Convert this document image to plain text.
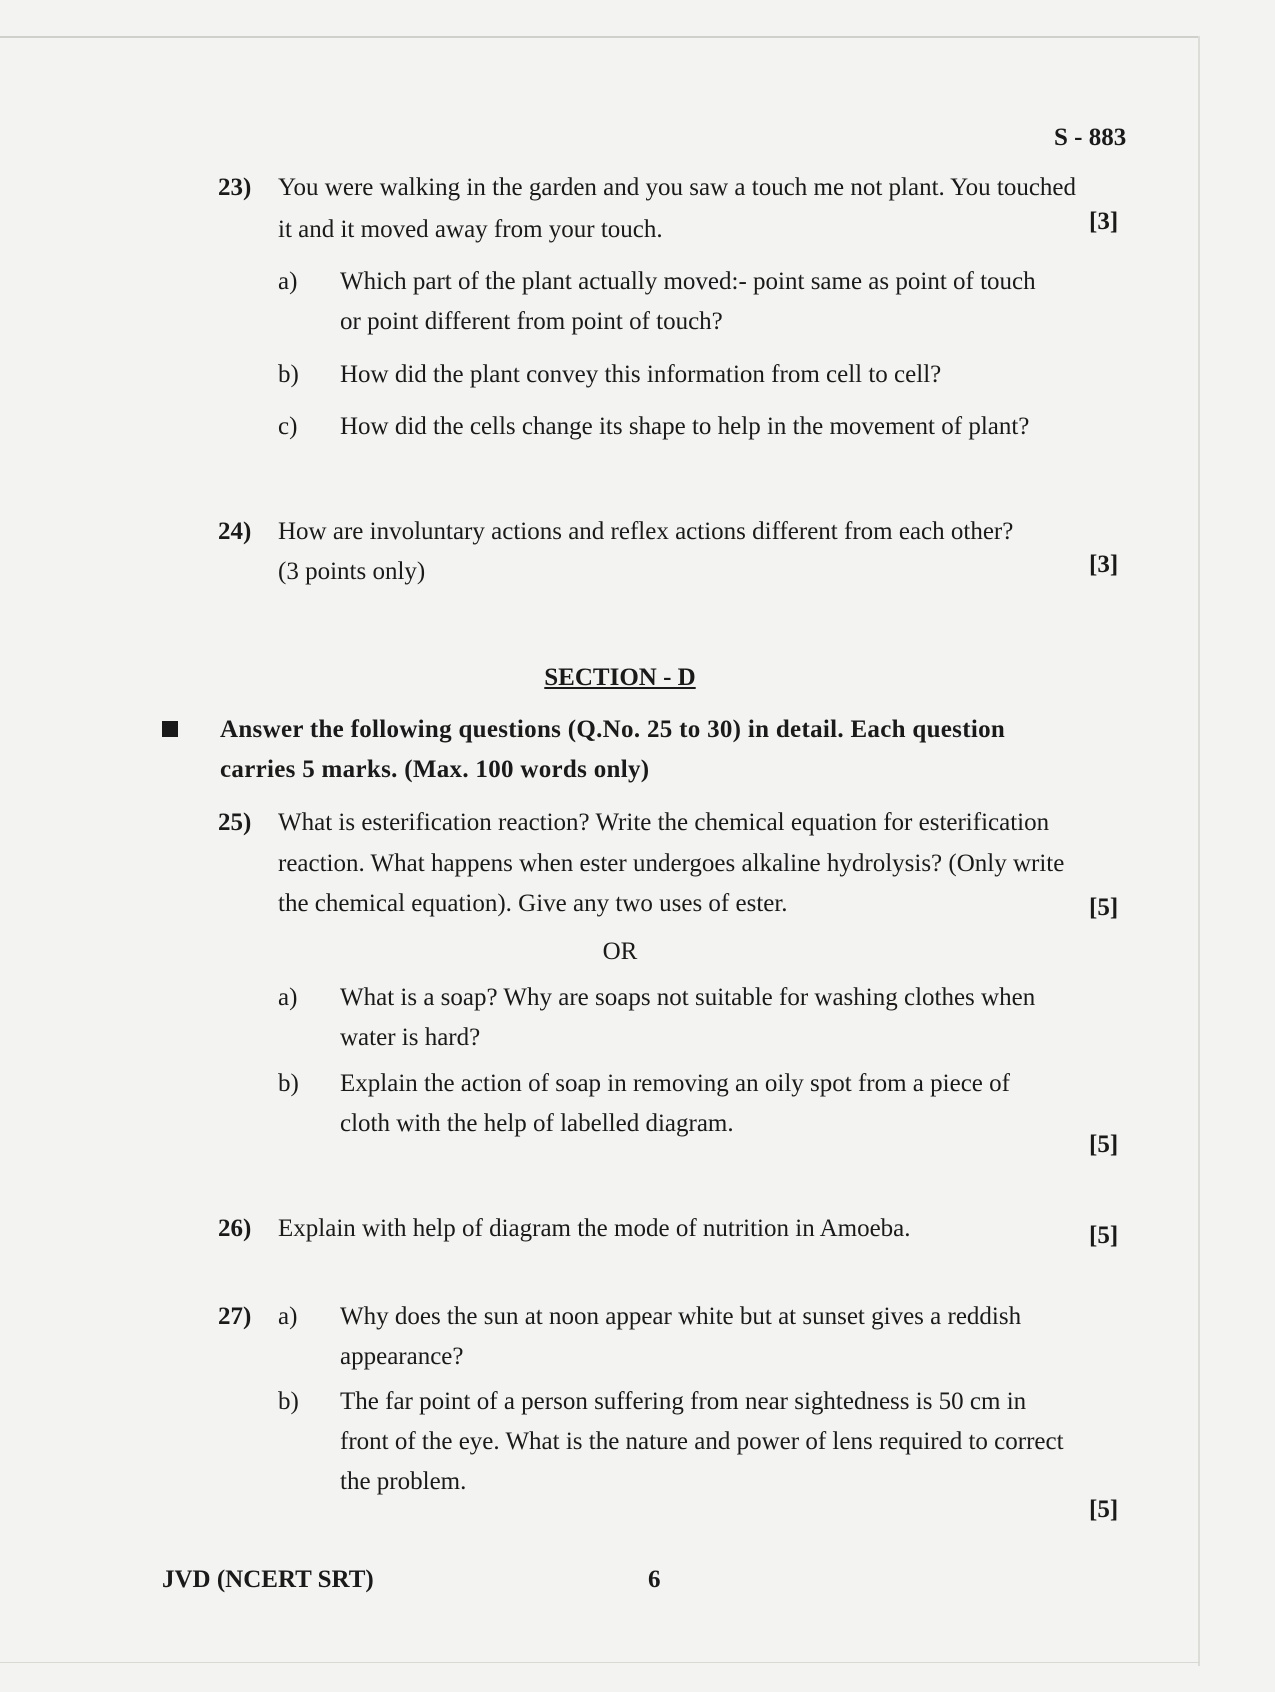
S - 883
23) You were walking in the garden and you saw a touch me not plant. You touched
it and it moved away from your touch.	[3]
a) Which part of the plant actually moved:- point same as point of touch
or point different from point of touch?
b) How did the plant convey this information from cell to cell?
c) How did the cells change its shape to help in the movement of plant?
24) How are involuntary actions and reflex actions different from each other?
(3 points only)	[3]
SECTION - D
Answer the following questions (Q.No. 25 to 30) in detail. Each question
carries 5 marks. (Max. 100 words only)
25) What is esterification reaction? Write the chemical equation for esterification
reaction. What happens when ester undergoes alkaline hydrolysis? (Only write
the chemical equation). Give any two uses of ester.	[5]
OR
a) What is a soap? Why are soaps not suitable for washing clothes when
water is hard?
b) Explain the action of soap in removing an oily spot from a piece of
cloth with the help of labelled diagram.
[5]
26) Explain with help of diagram the mode of nutrition in Amoeba.	[5]
27) a) Why does the sun at noon appear white but at sunset gives a reddish
appearance?
b) The far point of a person suffering from near sightedness is 50 cm in
front of the eye. What is the nature and power of lens required to correct
the problem.
[5]
JVD (NCERT SRT)	6
